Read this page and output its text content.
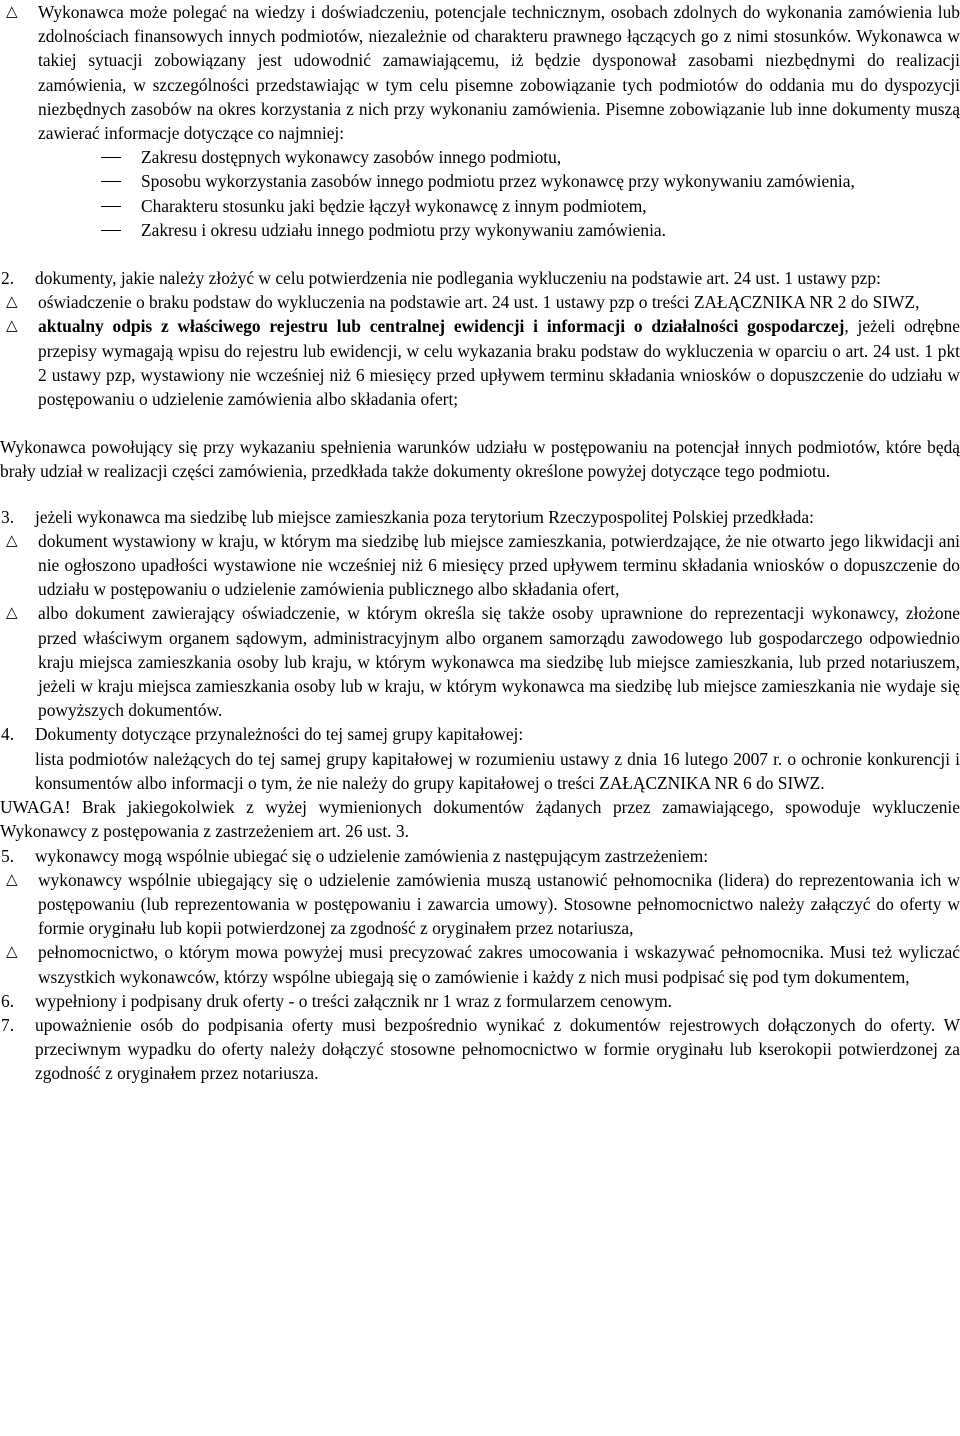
△	Wykonawca może polegać na wiedzy i doświadczeniu, potencjale technicznym, osobach zdolnych do wykonania zamówienia lub zdolnościach finansowych innych podmiotów, niezależnie od charakteru prawnego łączących go z nimi stosunków. Wykonawca w takiej sytuacji zobowiązany jest udowodnić zamawiającemu, iż będzie dysponował zasobami niezbędnymi do realizacji zamówienia, w szczególności przedstawiając w tym celu pisemne zobowiązanie tych podmiotów do oddania mu do dyspozycji niezbędnych zasobów na okres korzystania z nich przy wykonaniu zamówienia. Pisemne zobowiązanie lub inne dokumenty muszą zawierać informacje dotyczące co najmniej:
Zakresu dostępnych wykonawcy zasobów innego podmiotu,
Sposobu wykorzystania zasobów innego podmiotu przez wykonawcę przy wykonywaniu zamówienia,
Charakteru stosunku jaki będzie łączył wykonawcę z innym podmiotem,
Zakresu i okresu udziału innego podmiotu przy wykonywaniu zamówienia.
2. dokumenty, jakie należy złożyć w celu potwierdzenia nie podlegania wykluczeniu na podstawie art. 24 ust. 1 ustawy pzp:
△	oświadczenie o braku podstaw do wykluczenia na podstawie art. 24 ust. 1 ustawy pzp o treści ZAŁĄCZNIKA NR 2 do SIWZ,
△	aktualny odpis z właściwego rejestru lub centralnej ewidencji i informacji o działalności gospodarczej, jeżeli odrębne przepisy wymagają wpisu do rejestru lub ewidencji, w celu wykazania braku podstaw do wykluczenia w oparciu o art. 24 ust. 1 pkt 2 ustawy pzp, wystawiony nie wcześniej niż 6 miesięcy przed upływem terminu składania wniosków o dopuszczenie do udziału w postępowaniu o udzielenie zamówienia albo składania ofert;
Wykonawca powołujący się przy wykazaniu spełnienia warunków udziału w postępowaniu na potencjał innych podmiotów, które będą brały udział w realizacji części zamówienia, przedkłada także dokumenty określone powyżej dotyczące tego podmiotu.
3. jeżeli wykonawca ma siedzibę lub miejsce zamieszkania poza terytorium Rzeczypospolitej Polskiej przedkłada:
△	dokument wystawiony w kraju, w którym ma siedzibę lub miejsce zamieszkania, potwierdzające, że nie otwarto jego likwidacji ani nie ogłoszono upadłości wystawione nie wcześniej niż 6 miesięcy przed upływem terminu składania wniosków o dopuszczenie do udziału w postępowaniu o udzielenie zamówienia publicznego albo składania ofert,
△	albo dokument zawierający oświadczenie, w którym określa się także osoby uprawnione do reprezentacji wykonawcy, złożone przed właściwym organem sądowym, administracyjnym albo organem samorządu zawodowego lub gospodarczego odpowiednio kraju miejsca zamieszkania osoby lub kraju, w którym wykonawca ma siedzibę lub miejsce zamieszkania, lub przed notariuszem, jeżeli w kraju miejsca zamieszkania osoby lub w kraju, w którym wykonawca ma siedzibę lub miejsce zamieszkania nie wydaje się powyższych dokumentów.
4. Dokumenty dotyczące przynależności do tej samej grupy kapitałowej:
lista podmiotów należących do tej samej grupy kapitałowej w rozumieniu ustawy z dnia 16 lutego 2007 r. o ochronie konkurencji i konsumentów albo informacji o tym, że nie należy do grupy kapitałowej o treści ZAŁĄCZNIKA NR 6 do SIWZ.
UWAGA! Brak jakiegokolwiek z wyżej wymienionych dokumentów żądanych przez zamawiającego, spowoduje wykluczenie Wykonawcy z postępowania z zastrzeżeniem art. 26 ust. 3.
5. wykonawcy mogą wspólnie ubiegać się o udzielenie zamówienia z następującym zastrzeżeniem:
△	wykonawcy wspólnie ubiegający się o udzielenie zamówienia muszą ustanowić pełnomocnika (lidera) do reprezentowania ich w postępowaniu (lub reprezentowania w postępowaniu i zawarcia umowy). Stosowne pełnomocnictwo należy załączyć do oferty w formie oryginału lub kopii potwierdzonej za zgodność z oryginałem przez notariusza,
△	pełnomocnictwo, o którym mowa powyżej musi precyzować zakres umocowania i wskazywać pełnomocnika. Musi też wyliczać wszystkich wykonawców, którzy wspólne ubiegają się o zamówienie i każdy z nich musi podpisać się pod tym dokumentem,
6. wypełniony i podpisany druk oferty - o treści załącznik nr 1 wraz z formularzem cenowym.
7. upoważnienie osób do podpisania oferty musi bezpośrednio wynikać z dokumentów rejestrowych dołączonych do oferty. W przeciwnym wypadku do oferty należy dołączyć stosowne pełnomocnictwo w formie oryginału lub kserokopii potwierdzonej za zgodność z oryginałem przez notariusza.
